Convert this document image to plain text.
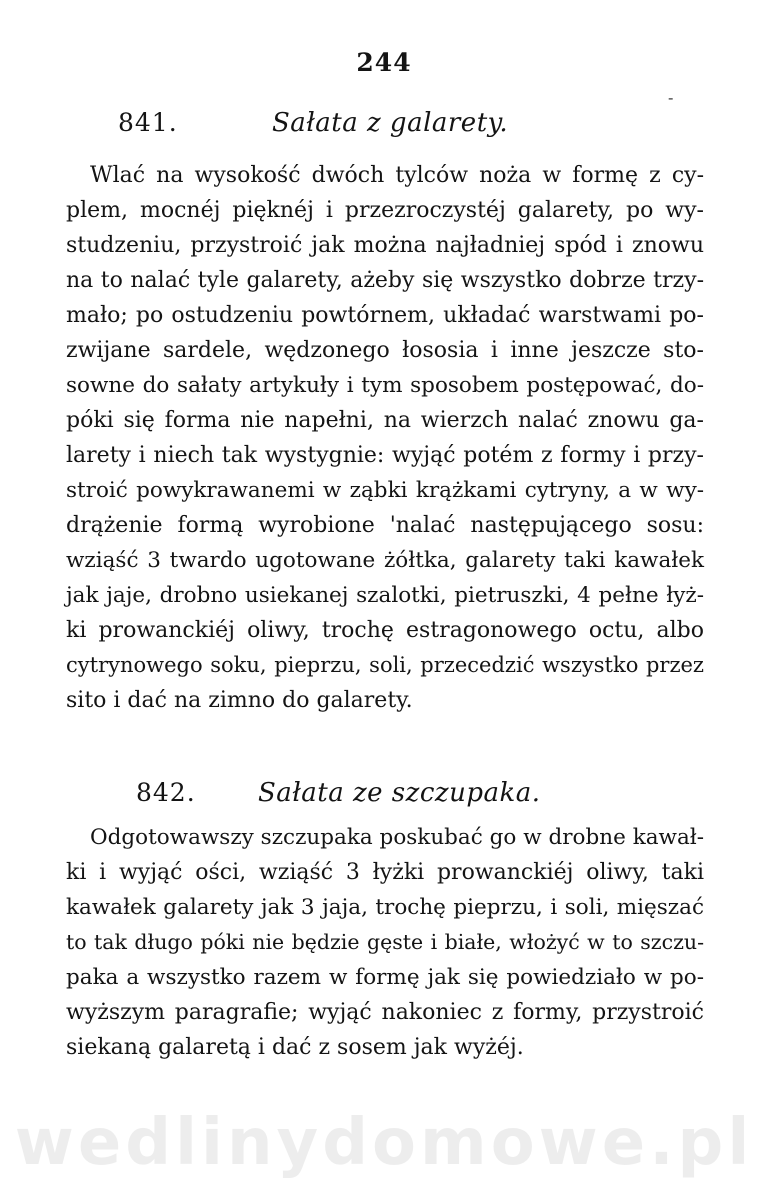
244
-
841.	Sałata z galarety.
Wlać na wysokość dwóch tylców noża w formę z cy-
plem, mocnéj pięknéj i przezroczystéj galarety, po wy-
studzeniu, przystroić jak można najładniej spód i znowu
na to nalać tyle galarety, ażeby się wszystko dobrze trzy-
mało; po ostudzeniu powtórnem, układać warstwami po-
zwijane sardele, wędzonego łososia i inne jeszcze sto-
sowne do sałaty artykuły i tym sposobem postępować, do-
póki się forma nie napełni, na wierzch nalać znowu ga-
larety i niech tak wystygnie: wyjąć potém z formy i przy-
stroić powykrawanemi w ząbki krążkami cytryny, a w wy-
drążenie formą wyrobione 'nalać następującego sosu:
wziąść 3 twardo ugotowane żółtka, galarety taki kawałek
jak jaje, drobno usiekanej szalotki, pietruszki, 4 pełne łyż-
ki prowanckiéj oliwy, trochę estragonowego octu, albo
cytrynowego soku, pieprzu, soli, przecedzić wszystko przez
sito i dać na zimno do galarety.
842. Sałata ze szczupaka.
Odgotowawszy szczupaka poskubać go w drobne kawał-
ki i wyjąć ości, wziąść 3 łyżki prowanckiéj oliwy, taki
kawałek galarety jak 3 jaja, trochę pieprzu, i soli, mięszać
to tak długo póki nie będzie gęste i białe, włożyć w to szczu-
paka a wszystko razem w formę jak się powiedziało w po-
wyższym paragrafie; wyjąć nakoniec z formy, przystroić
siekaną galaretą i dać z sosem jak wyżéj.
wedlinydomowe.pl
